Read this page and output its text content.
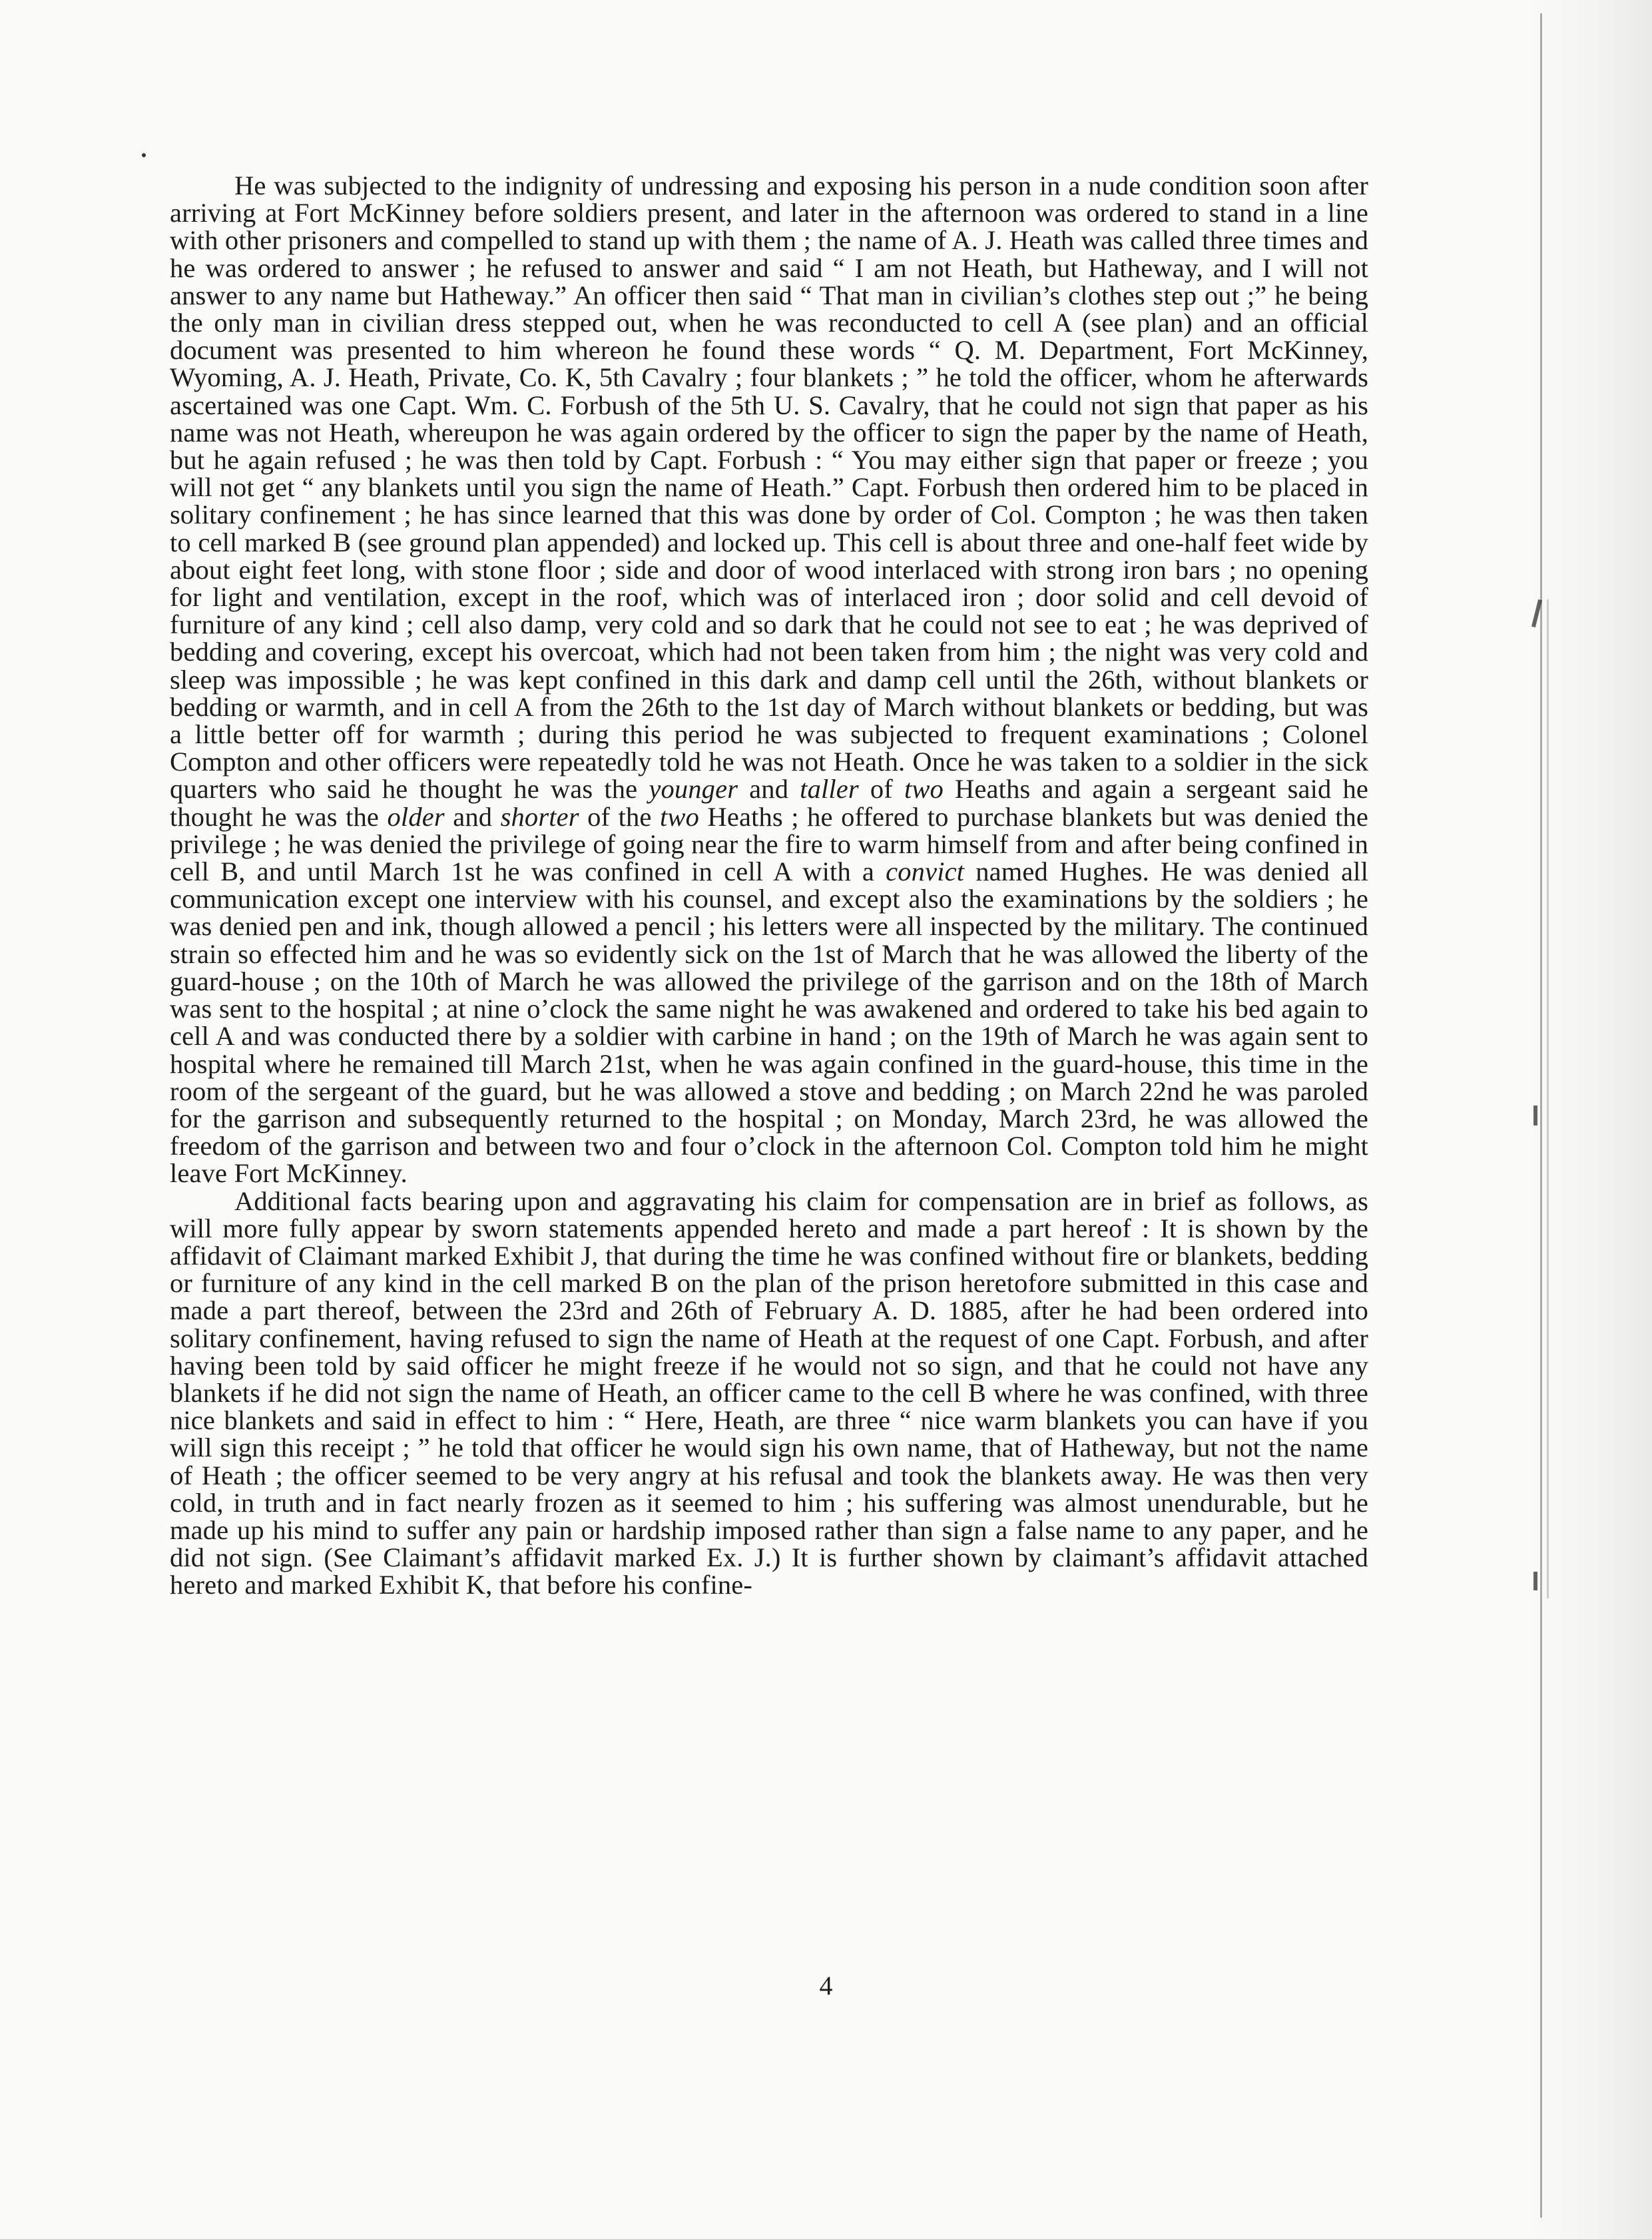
He was subjected to the indignity of undressing and exposing his person in a nude condition soon after arriving at Fort McKinney before soldiers present, and later in the afternoon was ordered to stand in a line with other prisoners and compelled to stand up with them ; the name of A. J. Heath was called three times and he was ordered to answer ; he refused to answer and said “ I am not Heath, but Hatheway, and I will not answer to any name but Hatheway.” An officer then said “ That man in civilian’s clothes step out ;” he being the only man in civilian dress stepped out, when he was reconducted to cell A (see plan) and an official document was presented to him whereon he found these words “ Q. M. Department, Fort McKinney, Wyoming, A. J. Heath, Private, Co. K, 5th Cavalry ; four blankets ; ” he told the officer, whom he afterwards ascertained was one Capt. Wm. C. Forbush of the 5th U. S. Cavalry, that he could not sign that paper as his name was not Heath, whereupon he was again ordered by the officer to sign the paper by the name of Heath, but he again refused ; he was then told by Capt. Forbush : “ You may either sign that paper or freeze ; you will not get “ any blankets until you sign the name of Heath.” Capt. Forbush then ordered him to be placed in solitary confinement ; he has since learned that this was done by order of Col. Compton ; he was then taken to cell marked B (see ground plan appended) and locked up. This cell is about three and one-half feet wide by about eight feet long, with stone floor ; side and door of wood interlaced with strong iron bars ; no opening for light and ventilation, except in the roof, which was of interlaced iron ; door solid and cell devoid of furniture of any kind ; cell also damp, very cold and so dark that he could not see to eat ; he was deprived of bedding and covering, except his overcoat, which had not been taken from him ; the night was very cold and sleep was impossible ; he was kept confined in this dark and damp cell until the 26th, without blankets or bedding or warmth, and in cell A from the 26th to the 1st day of March without blankets or bedding, but was a little better off for warmth ; during this period he was subjected to frequent examinations ; Colonel Compton and other officers were repeatedly told he was not Heath. Once he was taken to a soldier in the sick quarters who said he thought he was the younger and taller of two Heaths and again a sergeant said he thought he was the older and shorter of the two Heaths ; he offered to purchase blankets but was denied the privilege ; he was denied the privilege of going near the fire to warm himself from and after being confined in cell B, and until March 1st he was confined in cell A with a convict named Hughes. He was denied all communication except one interview with his counsel, and except also the examinations by the soldiers ; he was denied pen and ink, though allowed a pencil ; his letters were all inspected by the military. The continued strain so effected him and he was so evidently sick on the 1st of March that he was allowed the liberty of the guard-house ; on the 10th of March he was allowed the privilege of the garrison and on the 18th of March was sent to the hospital ; at nine o’clock the same night he was awakened and ordered to take his bed again to cell A and was conducted there by a soldier with carbine in hand ; on the 19th of March he was again sent to hospital where he remained till March 21st, when he was again confined in the guard-house, this time in the room of the sergeant of the guard, but he was allowed a stove and bedding ; on March 22nd he was paroled for the garrison and subsequently returned to the hospital ; on Monday, March 23rd, he was allowed the freedom of the garrison and between two and four o’clock in the afternoon Col. Compton told him he might leave Fort McKinney.

Additional facts bearing upon and aggravating his claim for compensation are in brief as follows, as will more fully appear by sworn statements appended hereto and made a part hereof : It is shown by the affidavit of Claimant marked Exhibit J, that during the time he was confined without fire or blankets, bedding or furniture of any kind in the cell marked B on the plan of the prison heretofore submitted in this case and made a part thereof, between the 23rd and 26th of February A. D. 1885, after he had been ordered into solitary confinement, having refused to sign the name of Heath at the request of one Capt. Forbush, and after having been told by said officer he might freeze if he would not so sign, and that he could not have any blankets if he did not sign the name of Heath, an officer came to the cell B where he was confined, with three nice blankets and said in effect to him : “ Here, Heath, are three “ nice warm blankets you can have if you will sign this receipt ; ” he told that officer he would sign his own name, that of Hatheway, but not the name of Heath ; the officer seemed to be very angry at his refusal and took the blankets away. He was then very cold, in truth and in fact nearly frozen as it seemed to him ; his suffering was almost unendurable, but he made up his mind to suffer any pain or hardship imposed rather than sign a false name to any paper, and he did not sign. (See Claimant’s affidavit marked Ex. J.) It is further shown by claimant’s affidavit attached hereto and marked Exhibit K, that before his confine-

4
